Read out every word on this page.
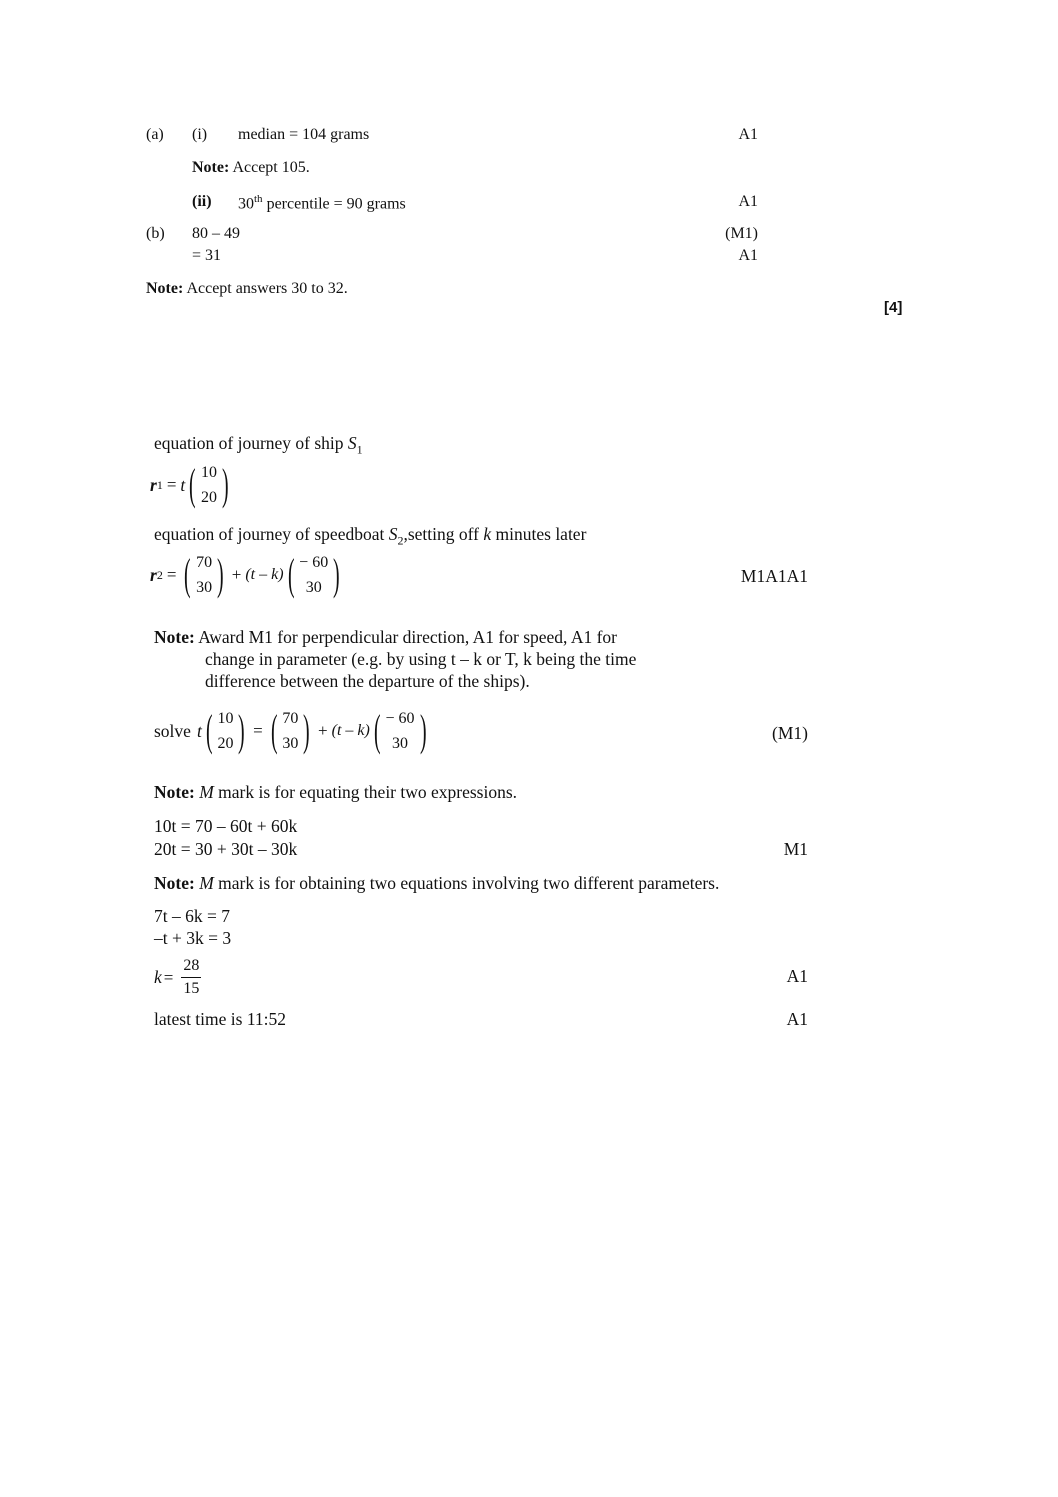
(a) (i) median = 104 grams	A1
Note: Accept 105.
(ii) 30th percentile = 90 grams	A1
(b) 80 – 49	(M1)
= 31	A1
Note: Accept answers 30 to 32.
[4]
equation of journey of ship $S_1$
r 1 = t ( 10
20 )
equation of journey of speedboat $S_2,setting$ off k minutes later
r 2 = ( 70
30 ) + (t – k) ( − 60
30 )	M1A1A1
Note: Award M1 for perpendicular direction, A1 for speed, A1 for
change in parameter (e.g. by using t – k or T, k being the time
difference between the departure of the ships).
solve t ( 10
20 ) = ( 70
30 ) + (t – k) ( − 60
30 )	(M1)
Note: M mark is for equating their two expressions.
10t = 70 – 60t + 60k
20t = 30 + 30t – 30k	M1
Note: M mark is for obtaining two equations involving two different parameters.
7t – 6k = 7
–t + 3k = 3
$k = \frac{28}{15}$	A1
latest time is 11:52	A1
